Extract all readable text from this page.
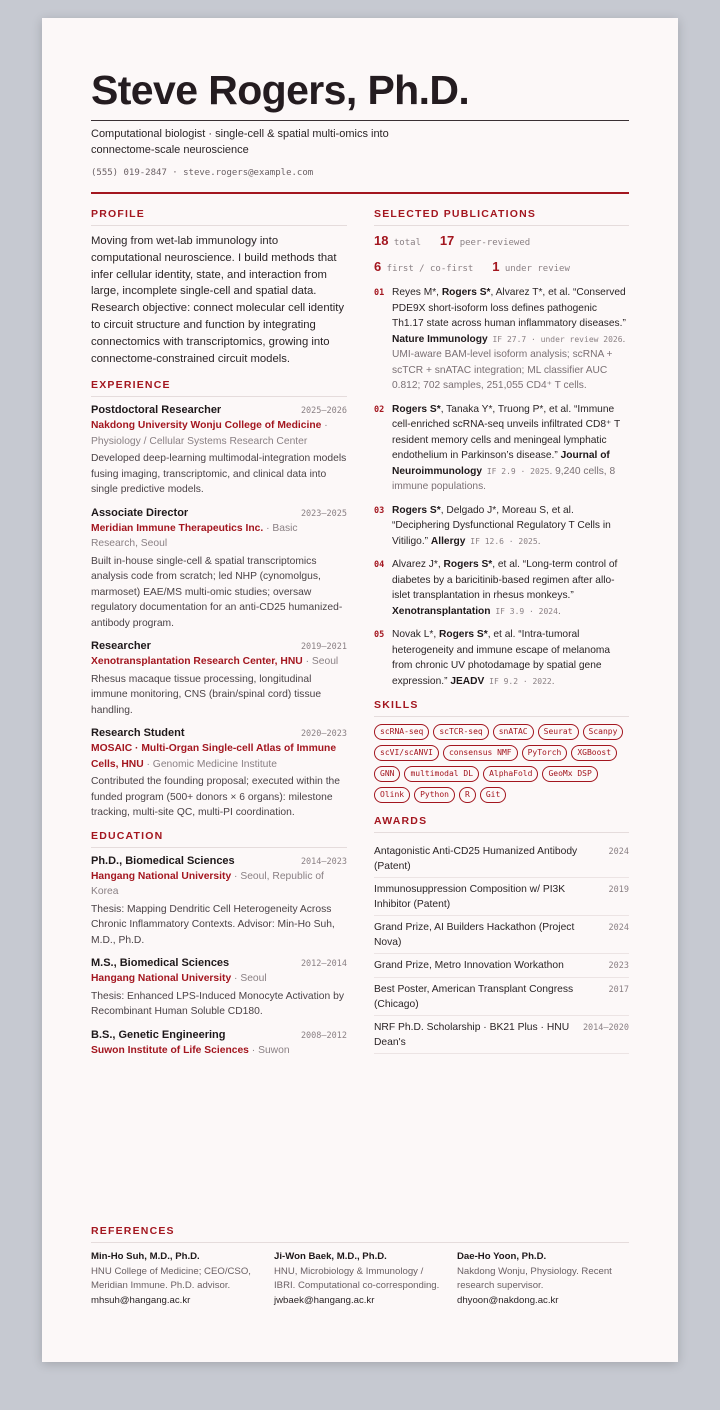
Steve Rogers, Ph.D.
Computational biologist · single-cell & spatial multi-omics into connectome-scale neuroscience
(555) 019-2847 · steve.rogers@example.com
PROFILE
Moving from wet-lab immunology into computational neuroscience. I build methods that infer cellular identity, state, and interaction from large, incomplete single-cell and spatial data. Research objective: connect molecular cell identity to circuit structure and function by integrating connectomics with transcriptomics, growing into connectome-constrained circuit models.
EXPERIENCE
Postdoctoral Researcher	2025–2026
Nakdong University Wonju College of Medicine · Physiology / Cellular Systems Research Center
Developed deep-learning multimodal-integration models fusing imaging, transcriptomic, and clinical data into single predictive models.
Associate Director	2023–2025
Meridian Immune Therapeutics Inc. · Basic Research, Seoul
Built in-house single-cell & spatial transcriptomics analysis code from scratch; led NHP (cynomolgus, marmoset) EAE/MS multi-omic studies; oversaw regulatory documentation for an anti-CD25 humanized-antibody program.
Researcher	2019–2021
Xenotransplantation Research Center, HNU · Seoul
Rhesus macaque tissue processing, longitudinal immune monitoring, CNS (brain/spinal cord) tissue handling.
Research Student	2020–2023
MOSAIC · Multi-Organ Single-cell Atlas of Immune Cells, HNU · Genomic Medicine Institute
Contributed the founding proposal; executed within the funded program (500+ donors × 6 organs): milestone tracking, multi-site QC, multi-PI coordination.
EDUCATION
Ph.D., Biomedical Sciences	2014–2023
Hangang National University · Seoul, Republic of Korea
Thesis: Mapping Dendritic Cell Heterogeneity Across Chronic Inflammatory Contexts. Advisor: Min-Ho Suh, M.D., Ph.D.
M.S., Biomedical Sciences	2012–2014
Hangang National University · Seoul
Thesis: Enhanced LPS-Induced Monocyte Activation by Recombinant Human Soluble CD180.
B.S., Genetic Engineering	2008–2012
Suwon Institute of Life Sciences · Suwon
SELECTED PUBLICATIONS
18 total 17 peer-reviewed
6 first / co-first 1 under review
01 Reyes M*, Rogers S*, Alvarez T*, et al. “Conserved PDE9X short-isoform loss defines pathogenic Th1.17 state across human inflammatory diseases.” Nature Immunology IF 27.7 · under review 2026. UMI-aware BAM-level isoform analysis; scRNA + scTCR + snATAC integration; ML classifier AUC 0.812; 702 samples, 251,055 CD4⁺ T cells.
02 Rogers S*, Tanaka Y*, Truong P*, et al. “Immune cell-enriched scRNA-seq unveils infiltrated CD8⁺ T resident memory cells and meningeal lymphatic endothelium in Parkinson’s disease.” Journal of Neuroimmunology IF 2.9 · 2025. 9,240 cells, 8 immune populations.
03 Rogers S*, Delgado J*, Moreau S, et al. “Deciphering Dysfunctional Regulatory T Cells in Vitiligo.” Allergy IF 12.6 · 2025.
04 Alvarez J*, Rogers S*, et al. “Long-term control of diabetes by a baricitinib-based regimen after allo-islet transplantation in rhesus monkeys.” Xenotransplantation IF 3.9 · 2024.
05 Novak L*, Rogers S*, et al. “Intra-tumoral heterogeneity and immune escape of melanoma from chronic UV photodamage by spatial gene expression.” JEADV IF 9.2 · 2022.
SKILLS
scRNA-seq	scTCR-seq	snATAC	Seurat	Scanpy
scVI/scANVI	consensus NMF	PyTorch	XGBoost
GNN	multimodal DL	AlphaFold	GeoMx DSP
Olink	Python	R	Git
AWARDS
Antagonistic Anti-CD25 Humanized Antibody (Patent)
2024
Immunosuppression Composition w/ PI3K Inhibitor (Patent)
2019
Grand Prize, AI Builders Hackathon (Project Nova)
2024
Grand Prize, Metro Innovation Workathon	2023
Best Poster, American Transplant Congress (Chicago)
2017
NRF Ph.D. Scholarship · BK21 Plus · HNU Dean's
2014–2020
REFERENCES
Min-Ho Suh, M.D., Ph.D.
HNU College of Medicine; CEO/CSO, Meridian Immune. Ph.D. advisor.
mhsuh@hangang.ac.kr
Ji-Won Baek, M.D., Ph.D.
HNU, Microbiology & Immunology / IBRI. Computational co-corresponding.
jwbaek@hangang.ac.kr
Dae-Ho Yoon, Ph.D.
Nakdong Wonju, Physiology. Recent research supervisor.
dhyoon@nakdong.ac.kr
